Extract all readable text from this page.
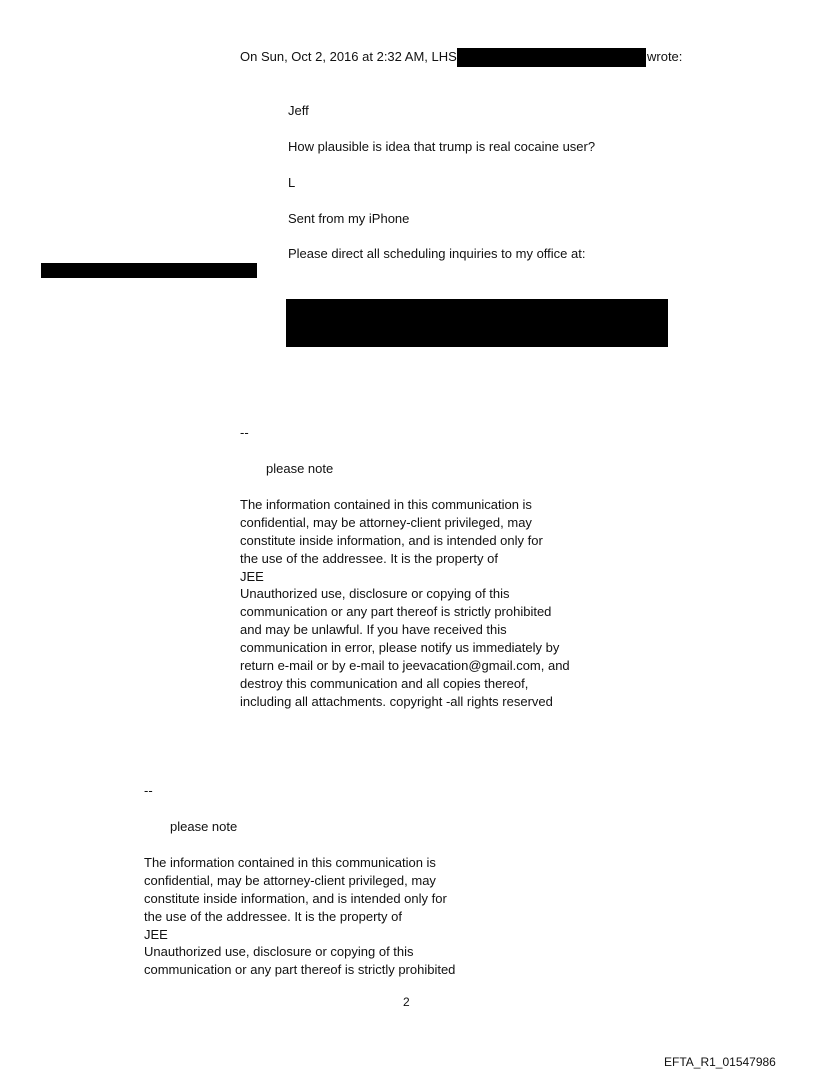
On Sun, Oct 2, 2016 at 2:32 AM, LHS	wrote:
Jeff
How plausible is idea that trump is real cocaine user?
L
Sent from my iPhone
Please direct all scheduling inquiries to my office at:
--
please note
The information contained in this communication is
confidential, may be attorney-client privileged, may
constitute inside information, and is intended only for
the use of the addressee. It is the property of
JEE
Unauthorized use, disclosure or copying of this
communication or any part thereof is strictly prohibited
and may be unlawful. If you have received this
communication in error, please notify us immediately by
return e-mail or by e-mail to jeevacation@gmail.com, and
destroy this communication and all copies thereof,
including all attachments. copyright -all rights reserved
--
please note
The information contained in this communication is
confidential, may be attorney-client privileged, may
constitute inside information, and is intended only for
the use of the addressee. It is the property of
JEE
Unauthorized use, disclosure or copying of this
communication or any part thereof is strictly prohibited
2
EFTA_R1_01547986
